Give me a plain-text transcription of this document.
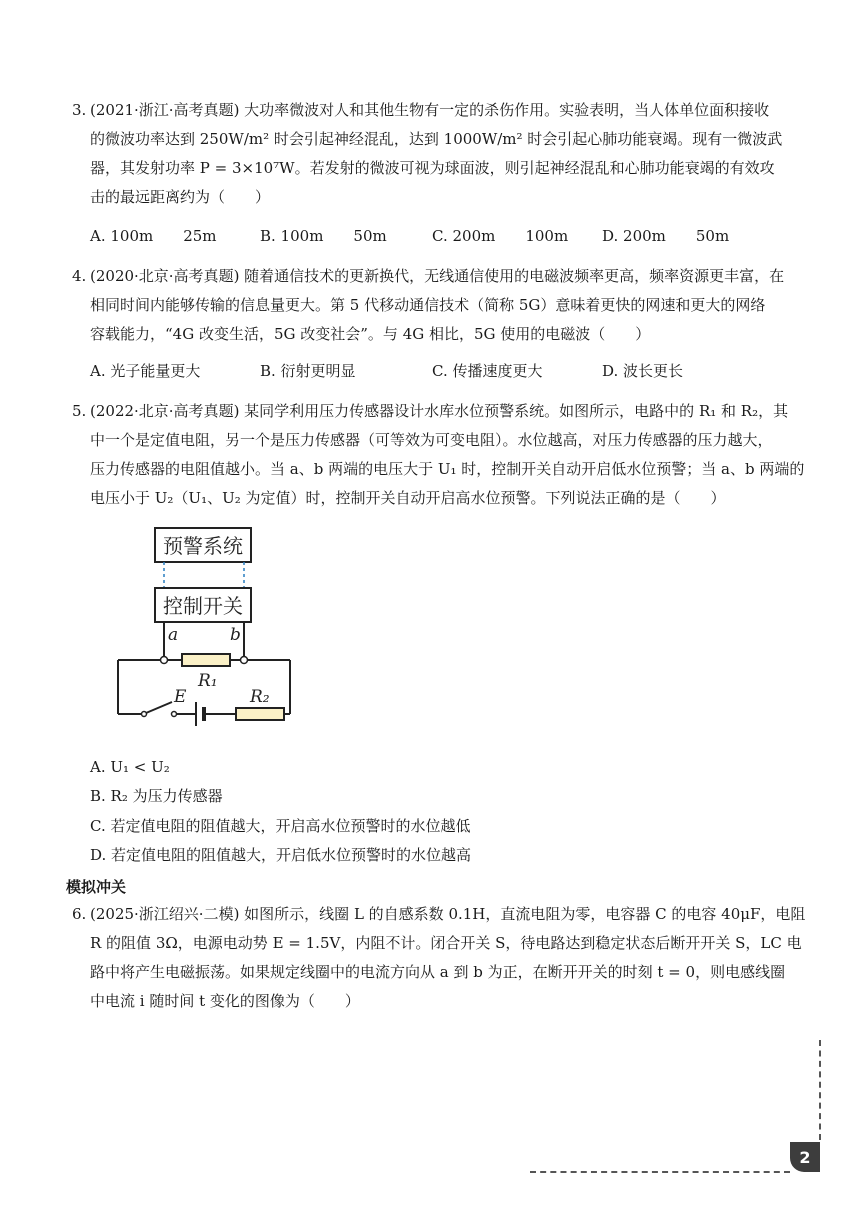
3. (2021·浙江·高考真题) 大功率微波对人和其他生物有一定的杀伤作用。实验表明，当人体单位面积接收

的微波功率达到 250W/m² 时会引起神经混乱，达到 1000W/m² 时会引起心肺功能衰竭。现有一微波武

器，其发射功率 P = 3×10⁷W。若发射的微波可视为球面波，则引起神经混乱和心肺功能衰竭的有效攻

击的最远距离约为（　　）

A. 100m　　25m	B. 100m　　50m	C. 200m　　100m	D. 200m　　50m

4. (2020·北京·高考真题) 随着通信技术的更新换代，无线通信使用的电磁波频率更高，频率资源更丰富，在

相同时间内能够传输的信息量更大。第 5 代移动通信技术（简称 5G）意味着更快的网速和更大的网络

容载能力，“4G 改变生活，5G 改变社会”。与 4G 相比，5G 使用的电磁波（　　）

A. 光子能量更大	B. 衍射更明显	C. 传播速度更大	D. 波长更长

5. (2022·北京·高考真题) 某同学利用压力传感器设计水库水位预警系统。如图所示，电路中的 R₁ 和 R₂，其

中一个是定值电阻，另一个是压力传感器（可等效为可变电阻）。水位越高，对压力传感器的压力越大，

压力传感器的电阻值越小。当 a、b 两端的电压大于 U₁ 时，控制开关自动开启低水位预警；当 a、b 两端的

电压小于 U₂（U₁、U₂ 为定值）时，控制开关自动开启高水位预警。下列说法正确的是（　　）

预警系统
控制开关
a	b
R₁
E	R₂
A. U₁ < U₂
B. R₂ 为压力传感器
C. 若定值电阻的阻值越大，开启高水位预警时的水位越低
D. 若定值电阻的阻值越大，开启低水位预警时的水位越高
模拟冲关

6. (2025·浙江绍兴·二模) 如图所示，线圈 L 的自感系数 0.1H，直流电阻为零，电容器 C 的电容 40μF，电阻

R 的阻值 3Ω，电源电动势 E = 1.5V，内阻不计。闭合开关 S，待电路达到稳定状态后断开开关 S，LC 电

路中将产生电磁振荡。如果规定线圈中的电流方向从 a 到 b 为正，在断开开关的时刻 t = 0，则电感线圈

中电流 i 随时间 t 变化的图像为（　　）

2
